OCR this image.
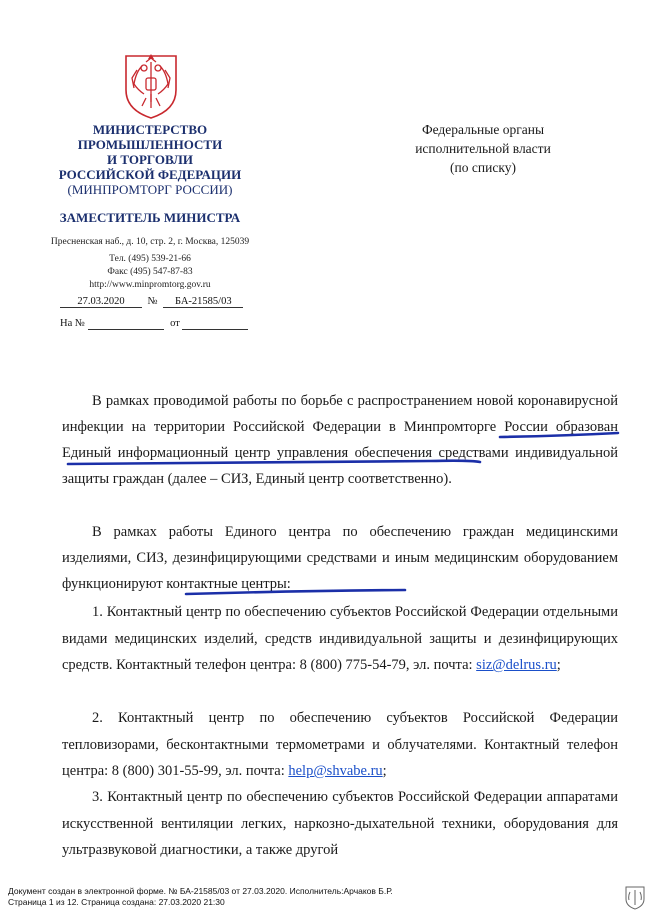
МИНИСТЕРСТВО
ПРОМЫШЛЕННОСТИ
И ТОРГОВЛИ
РОССИЙСКОЙ ФЕДЕРАЦИИ
(МИНПРОМТОРГ РОССИИ)
ЗАМЕСТИТЕЛЬ МИНИСТРА
Пресненская наб., д. 10, стр. 2, г. Москва, 125039
Тел. (495) 539-21-66
Факс (495) 547-87-83
http://www.minpromtorg.gov.ru
27.03.2020 № БА-21585/03
На №	от
Федеральные органы
исполнительной власти
(по списку)
В рамках проводимой работы по борьбе с распространением новой коронавирусной инфекции на территории Российской Федерации в Минпромторге России образован Единый информационный центр управления обеспечения средствами индивидуальной защиты граждан (далее – СИЗ, Единый центр соответственно).
В рамках работы Единого центра по обеспечению граждан медицинскими изделиями, СИЗ, дезинфицирующими средствами и иным медицинским оборудованием функционируют контактные центры:
1. Контактный центр по обеспечению субъектов Российской Федерации отдельными видами медицинских изделий, средств индивидуальной защиты и дезинфицирующих средств. Контактный телефон центра: 8 (800) 775-54-79, эл. почта: siz@delrus.ru;
2. Контактный центр по обеспечению субъектов Российской Федерации тепловизорами, бесконтактными термометрами и облучателями. Контактный телефон центра: 8 (800) 301-55-99, эл. почта: help@shvabe.ru;
3. Контактный центр по обеспечению субъектов Российской Федерации аппаратами искусственной вентиляции легких, наркозно-дыхательной техники, оборудования для ультразвуковой диагностики, а также другой
Документ создан в электронной форме. № БА-21585/03 от 27.03.2020. Исполнитель:Арчаков Б.Р.
Страница 1 из 12. Страница создана: 27.03.2020 21:30
